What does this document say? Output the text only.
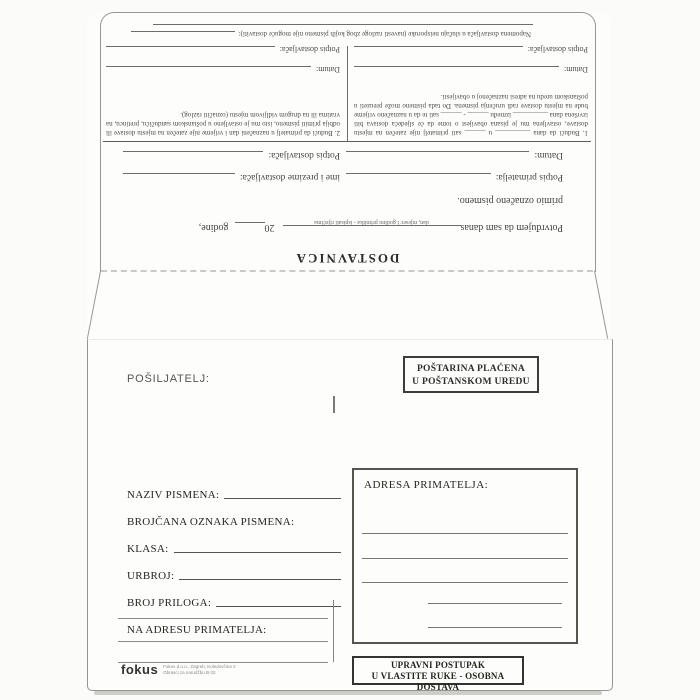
DOSTAVNICA
Potvrđujem da sam danas
dan, mjesec i godinu primitka - ispisati riječima
20
godine,
primio označeno pismeno.
Potpis primatelja:
ime i prezime dostavljača:
Datum:
Potpis dostavljača:
1. Budući da dana __________ u ______ sati primatelj nije zatečen na mjestu dostave, ostavljena mu je pisana obavijest o tome da će sljedeća dostava biti izvršena dana __________ između ______ - ______ sati te da u naznačeno vrijeme bude na mjestu dostave radi uručenja pismena. Do tada pismeno može preuzeti u poštanskom uredu na adresi naznačenoj u obavijesti.
Datum:
Potpis dostavljača:
2. Budući da primatelj u naznačeni dan i vrijeme nije zatečen na mjestu dostave ili odbija primiti pismeno, isto mu je ostavljeno u poštanskom sandučiću, pretincu, na vratima ili na drugom vidljivom mjestu (označiti razlog).
Datum:
Potpis dostavljača:
Napomena dostavljača u slučaju neisporuke (navesti razloge zbog kojih pismeno nije moguće dostaviti):
POŠTARINA PLAĆENA
U POŠTANSKOM UREDU
POŠILJATELJ:
NAZIV PISMENA:
BROJČANA OZNAKA PISMENA:
KLASA:
URBROJ:
BROJ PRILOGA:
NA ADRESU PRIMATELJA:
ADRESA PRIMATELJA:
UPRAVNI POSTUPAK
U VLASTITE RUKE - OSOBNA DOSTAVA
fokus Fokus d.o.o., Zagreb, Koledovčina 2
Obrasci za narudžbu B-32
